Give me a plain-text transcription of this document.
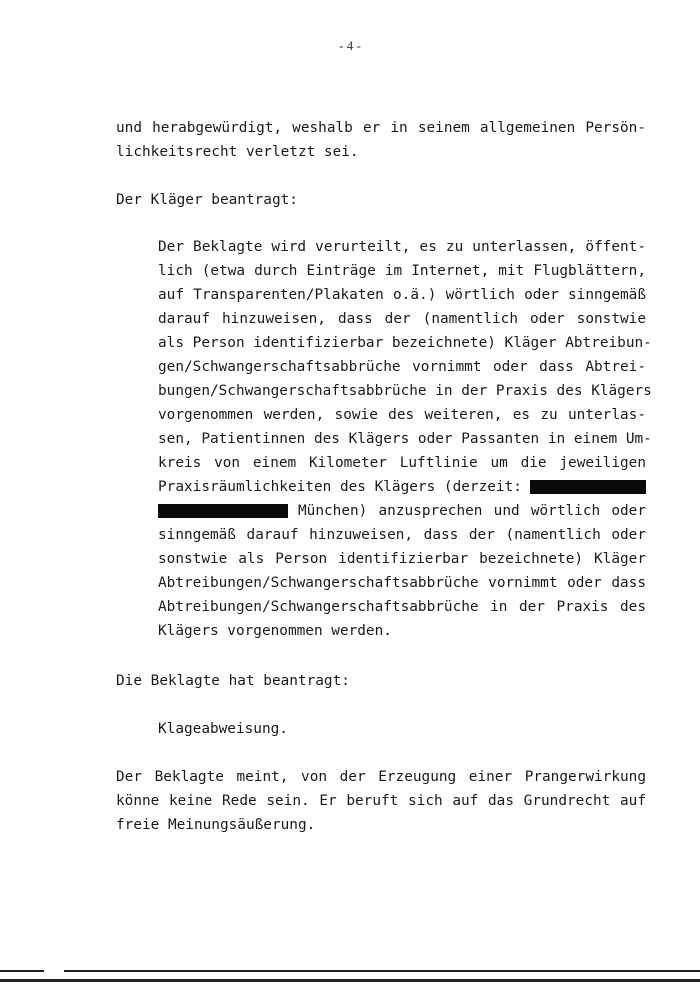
- 4 -
und herabgewürdigt, weshalb er in seinem allgemeinen Persön-
lichkeitsrecht verletzt sei.
Der Kläger beantragt:
Der Beklagte wird verurteilt, es zu unterlassen, öffent-
lich (etwa durch Einträge im Internet, mit Flugblättern,
auf Transparenten/Plakaten o.ä.) wörtlich oder sinngemäß
darauf hinzuweisen, dass der (namentlich oder sonstwie
als Person identifizierbar bezeichnete) Kläger Abtreibun-
gen/Schwangerschaftsabbrüche vornimmt oder dass Abtrei-
bungen/Schwangerschaftsabbrüche in der Praxis des Klägers
vorgenommen werden, sowie des weiteren, es zu unterlas-
sen, Patientinnen des Klägers oder Passanten in einem Um-
kreis von einem Kilometer Luftlinie um die jeweiligen
Praxisräumlichkeiten des Klägers (derzeit:
München) anzusprechen und wörtlich oder
sinngemäß darauf hinzuweisen, dass der (namentlich oder
sonstwie als Person identifizierbar bezeichnete) Kläger
Abtreibungen/Schwangerschaftsabbrüche vornimmt oder dass
Abtreibungen/Schwangerschaftsabbrüche in der Praxis des
Klägers vorgenommen werden.
Die Beklagte hat beantragt:
Klageabweisung.
Der Beklagte meint, von der Erzeugung einer Prangerwirkung
könne keine Rede sein. Er beruft sich auf das Grundrecht auf
freie Meinungsäußerung.
